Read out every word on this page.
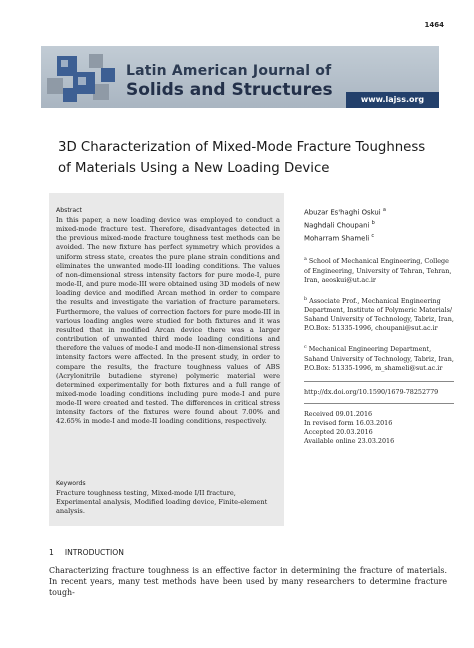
1464
Latin American Journal of
Solids and Structures	www.lajss.org
3D Characterization of Mixed-Mode Fracture Toughness
of Materials Using a New Loading Device
Abstract

In this paper, a new loading device was employed to conduct a mixed-mode fracture test. Therefore, disadvantages detected in the previous mixed-mode fracture toughness test methods can be avoided. The new fixture has perfect symmetry which provides a uniform stress state, creates the pure plane strain conditions and eliminates the unwanted mode-III loading conditions. The values of non-dimensional stress intensity factors for pure mode-I, pure mode-II, and pure mode-III were obtained using 3D models of new loading device and modified Arcan method in order to compare the results and investigate the variation of fracture parameters. Furthermore, the values of correction factors for pure mode-III in various loading angles were studied for both fixtures and it was resulted that in modified Arcan device there was a larger contribution of unwanted third mode loading conditions and therefore the values of mode-I and mode-II non-dimensional stress intensity factors were affected. In the present study, in order to compare the results, the fracture toughness values of ABS (Acrylonitrile butadiene styrene) polymeric material were determined experimentally for both fixtures and a full range of mixed-mode loading conditions including pure mode-I and pure mode-II were created and tested. The differences in critical stress intensity factors of the fixtures were found about 7.00% and 42.65% in mode-I and mode-II loading conditions, respectively.

Keywords

Fracture toughness testing, Mixed-mode I/II fracture, Experimental analysis, Modified loading device, Finite-element analysis.

Abuzar Es'haghi Oskui $^a$
Naghdali Choupani $^b$
Moharram Shameli $^c$
$^a$ School of Mechanical Engineering, College of Engineering, University of Tehran, Tehran, Iran, aeoskui@ut.ac.ir
$^b$ Associate Prof., Mechanical Engineering Department, Institute of Polymeric Materials/ Sahand University of Technology, Tabriz, Iran, P.O.Box: 51335-1996, choupani@sut.ac.ir
$^c$ Mechanical Engineering Department, Sahand University of Technology, Tabriz, Iran, P.O.Box: 51335-1996, m_shameli@sut.ac.ir
http://dx.doi.org/10.1590/1679-78252779
Received 09.01.2016
In revised form 16.03.2016
Accepted 20.03.2016
Available online 23.03.2016
1 INTRODUCTION

Characterizing fracture toughness is an effective factor in determining the fracture of materials. In recent years, many test methods have been used by many researchers to determine fracture tough-
